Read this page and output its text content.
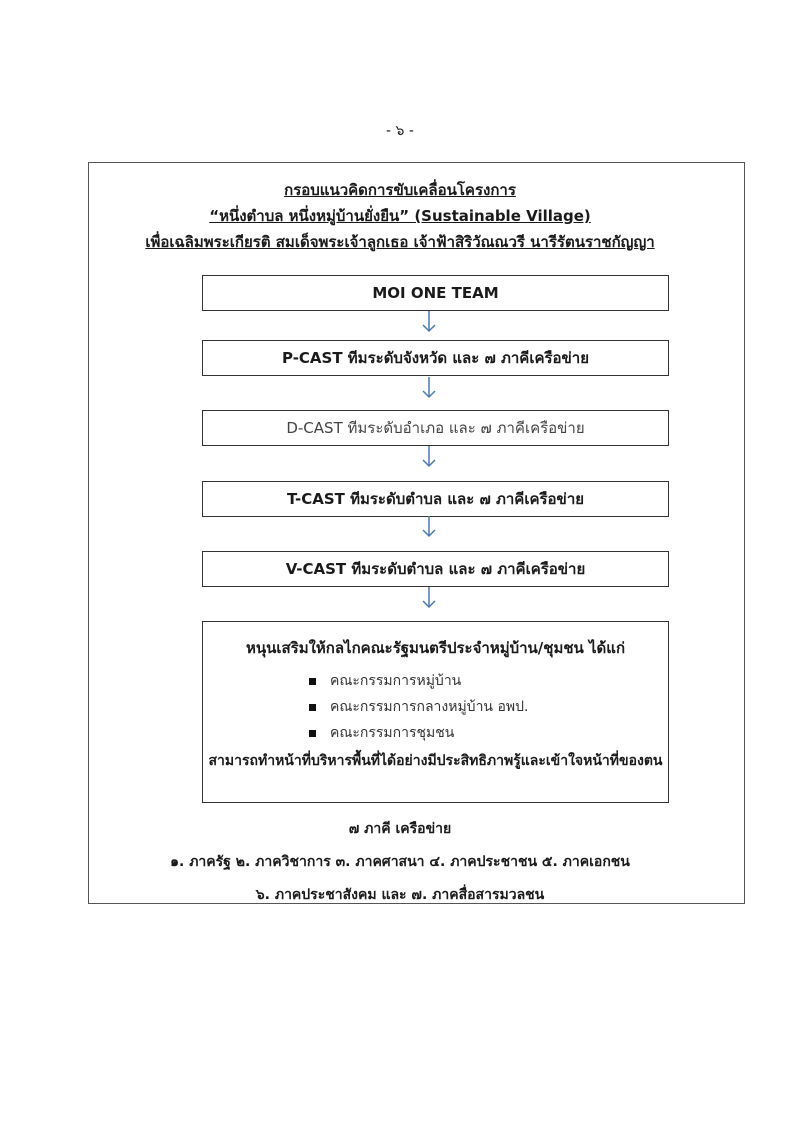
- ๖ -
กรอบแนวคิดการขับเคลื่อนโครงการ
“หนึ่งตำบล หนึ่งหมู่บ้านยั่งยืน” (Sustainable Village)
เพื่อเฉลิมพระเกียรติ สมเด็จพระเจ้าลูกเธอ เจ้าฟ้าสิริวัณณวรี นารีรัตนราชกัญญา
MOI ONE TEAM
P-CAST ทีมระดับจังหวัด และ ๗ ภาคีเครือข่าย
D-CAST ทีมระดับอำเภอ และ ๗ ภาคีเครือข่าย
T-CAST ทีมระดับตำบล และ ๗ ภาคีเครือข่าย
V-CAST ทีมระดับตำบล และ ๗ ภาคีเครือข่าย
หนุนเสริมให้กลไกคณะรัฐมนตรีประจำหมู่บ้าน/ชุมชน ได้แก่
คณะกรรมการหมู่บ้าน
คณะกรรมการกลางหมู่บ้าน อพป.
คณะกรรมการชุมชน
สามารถทำหน้าที่บริหารพื้นที่ได้อย่างมีประสิทธิภาพรู้และเข้าใจหน้าที่ของตน
๗ ภาคี เครือข่าย
๑. ภาครัฐ ๒. ภาควิชาการ ๓. ภาคศาสนา ๔. ภาคประชาชน ๕. ภาคเอกชน
๖. ภาคประชาสังคม และ ๗. ภาคสื่อสารมวลชน
